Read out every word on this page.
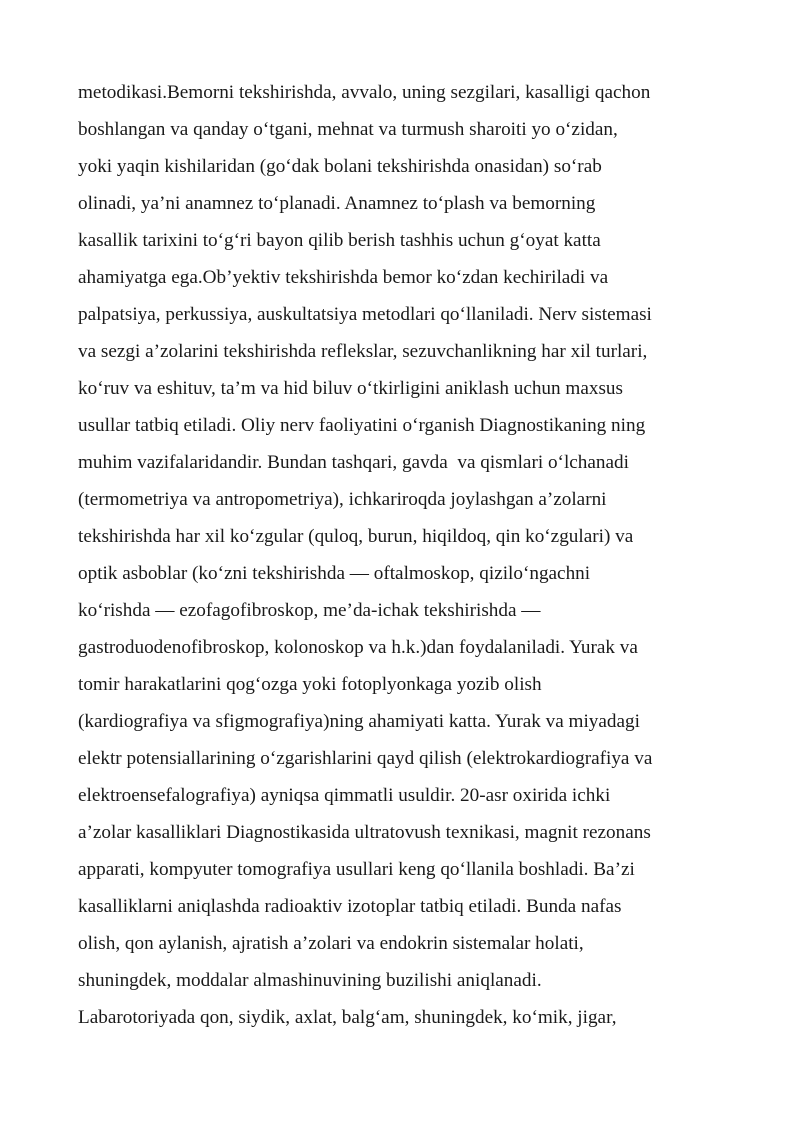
metodikasi.Bemorni tekshirishda, avvalo, uning sezgilari, kasalligi qachon
boshlangan va qanday o‘tgani, mehnat va turmush sharoiti yo o‘zidan,
yoki yaqin kishilaridan (go‘dak bolani tekshirishda onasidan) so‘rab
olinadi, ya’ni anamnez to‘planadi. Anamnez to‘plash va bemorning
kasallik tarixini to‘g‘ri bayon qilib berish tashhis uchun g‘oyat katta
ahamiyatga ega.Ob’yektiv tekshirishda bemor ko‘zdan kechiriladi va
palpatsiya, perkussiya, auskultatsiya metodlari qo‘llaniladi. Nerv sistemasi
va sezgi a’zolarini tekshirishda reflekslar, sezuvchanlikning har xil turlari,
ko‘ruv va eshituv, ta’m va hid biluv o‘tkirligini aniklash uchun maxsus
usullar tatbiq etiladi. Oliy nerv faoliyatini o‘rganish Diagnostikaning ning
muhim vazifalaridandir. Bundan tashqari, gavda  va qismlari o‘lchanadi
(termometriya va antropometriya), ichkariroqda joylashgan a’zolarni
tekshirishda har xil ko‘zgular (quloq, burun, hiqildoq, qin ko‘zgulari) va
optik asboblar (ko‘zni tekshirishda — oftalmoskop, qizilo‘ngachni
ko‘rishda — ezofagofibroskop, me’da-ichak tekshirishda —
gastroduodenofibroskop, kolonoskop va h.k.)dan foydalaniladi. Yurak va
tomir harakatlarini qog‘ozga yoki fotoplyonkaga yozib olish
(kardiografiya va sfigmografiya)ning ahamiyati katta. Yurak va miyadagi
elektr potensiallarining o‘zgarishlarini qayd qilish (elektrokardiografiya va
elektroensefalografiya) ayniqsa qimmatli usuldir. 20-asr oxirida ichki
a’zolar kasalliklari Diagnostikasida ultratovush texnikasi, magnit rezonans
apparati, kompyuter tomografiya usullari keng qo‘llanila boshladi. Ba’zi
kasalliklarni aniqlashda radioaktiv izotoplar tatbiq etiladi. Bunda nafas
olish, qon aylanish, ajratish a’zolari va endokrin sistemalar holati,
shuningdek, moddalar almashinuvining buzilishi aniqlanadi.
Labarotoriyada qon, siydik, axlat, balg‘am, shuningdek, ko‘mik, jigar,
